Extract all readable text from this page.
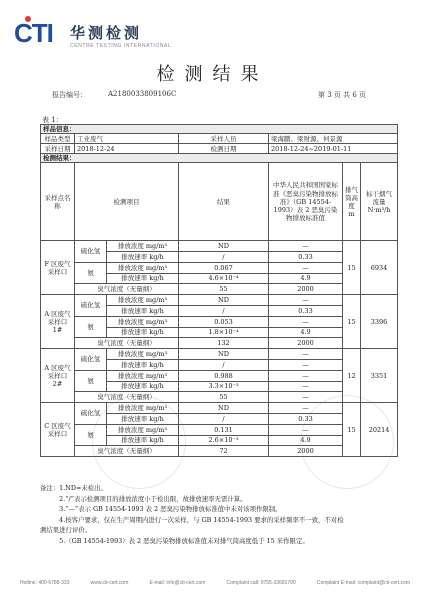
CTI 华测检测
CENTRE TESTING INTERNATIONAL
检测结果
报告编号：	A2180033809106C	第 3 页 共 6 页
表 1：
样品信息：						
样品类型	工业废气		采样人员	梁海鹏、梁财源、何景源		
采样日期	2018-12-24		检测日期	2018-12-24~2019-01-11		
检测结果：						
采样点名称	检测项目		结果	中华人民共和国国家标准《恶臭污染物排放标准》（GB 14554-1993）表 2 恶臭污染物排放标准值	排气筒高度 m	标干烟气流量 N·m³/h
F 区废气采样口	硫化氢	排放浓度 mg/m³	ND	—	15	6934
		排放速率 kg/h	/	0.33		
	氨	排放浓度 mg/m³	0.067	—		
		排放速率 kg/h	4.6×10⁻⁴	4.9		
	臭气浓度（无量纲）		55	2000		
A 区废气采样口 1#	硫化氢	排放浓度 mg/m³	ND	—	15	3396
		排放速率 kg/h	/	0.33		
	氨	排放浓度 mg/m³	0.053	—		
		排放速率 kg/h	1.8×10⁻⁴	4.9		
	臭气浓度（无量纲）		132	2000		
A 区废气采样口 2#	硫化氢	排放浓度 mg/m³	ND	—	12	3351
		排放速率 kg/h	/	—		
	氨	排放浓度 mg/m³	0.988	—		
		排放速率 kg/h	3.3×10⁻³	—		
	臭气浓度（无量纲）		55	—		
C 区废气采样口	硫化氢	排放浓度 mg/m³	ND	—	15	20214
		排放速率 kg/h	/	0.33		
	氨	排放浓度 mg/m³	0.131	—		
		排放速率 kg/h	2.6×10⁻³	4.9		
	臭气浓度（无量纲）		72	2000		
备注：1.ND=未检出。
　　　2.“/”表示检测项目的排放浓度小于检出限，故排放速率无需计算。
　　　3.“—”表示 GB 14554-1993 表 2 恶臭污染物排放标准值中未对该项作限制。
　　　4.按客户要求，仅在生产周期内进行一次采样，与 GB 14554-1993 要求的采样频率不一致，不对检
测结果进行评价。
　　　5.（GB 14554-1993）表 2 恶臭污染物排放标准值未对排气筒高度低于 15 米作限定。
Hotline: 400-6788-333	www.cti-cert.com	E-mail: info@cti-cert.com	Complaint call: 0755-33681700	Complaint E-mail: complaint@cti-cert.com
